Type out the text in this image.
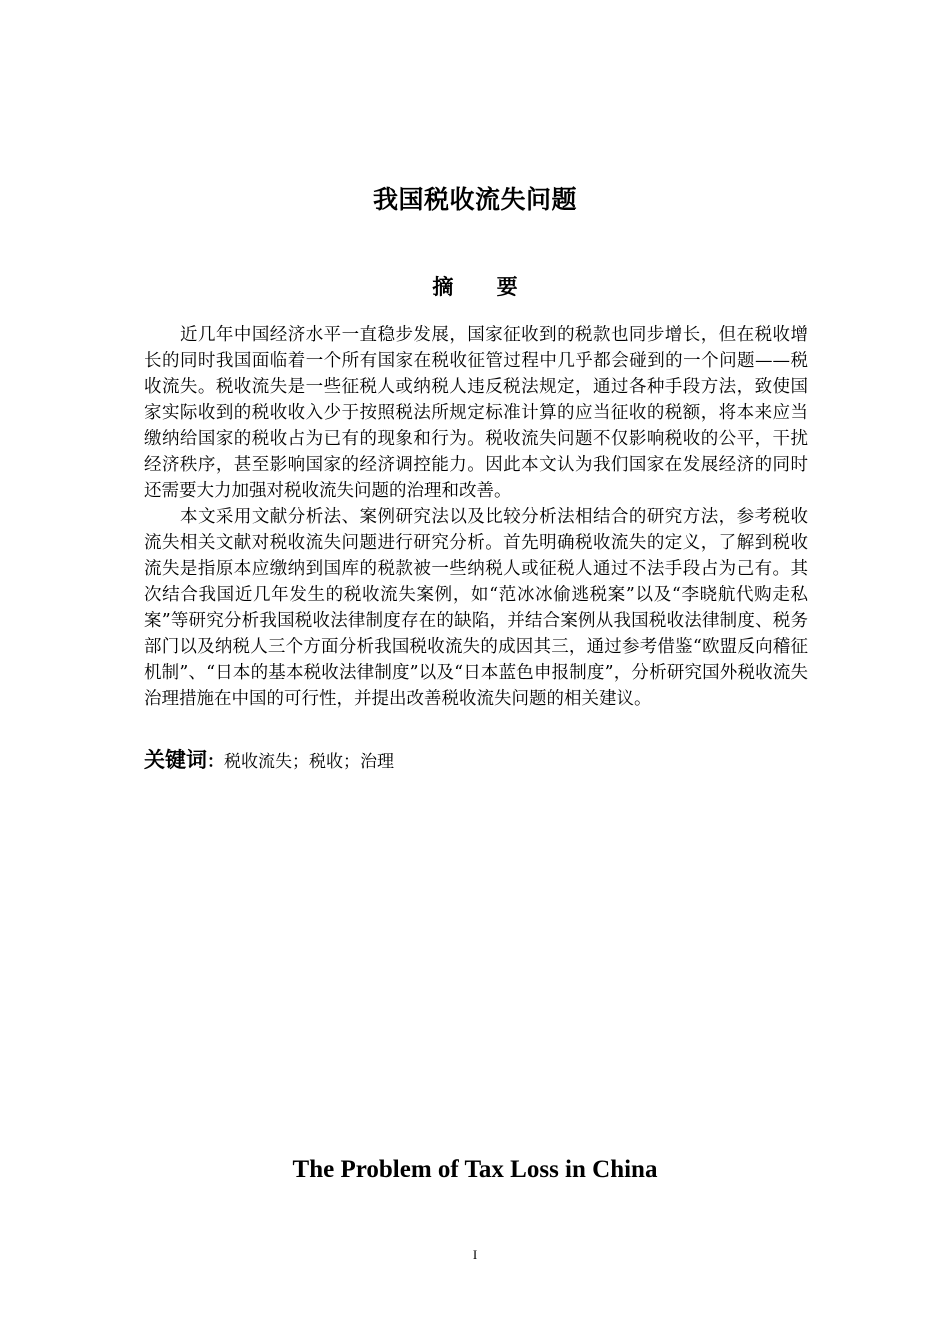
我国税收流失问题
摘 要

近几年中国经济水平一直稳步发展，国家征收到的税款也同步增长，但在税收增长的同时我国面临着一个所有国家在税收征管过程中几乎都会碰到的一个问题——税收流失。税收流失是一些征税人或纳税人违反税法规定，通过各种手段方法，致使国家实际收到的税收收入少于按照税法所规定标准计算的应当征收的税额，将本来应当缴纳给国家的税收占为已有的现象和行为。税收流失问题不仅影响税收的公平，干扰经济秩序，甚至影响国家的经济调控能力。因此本文认为我们国家在发展经济的同时还需要大力加强对税收流失问题的治理和改善。

本文采用文献分析法、案例研究法以及比较分析法相结合的研究方法，参考税收流失相关文献对税收流失问题进行研究分析。首先明确税收流失的定义，了解到税收流失是指原本应缴纳到国库的税款被一些纳税人或征税人通过不法手段占为己有。其次结合我国近几年发生的税收流失案例，如“范冰冰偷逃税案”以及“李晓航代购走私案”等研究分析我国税收法律制度存在的缺陷，并结合案例从我国税收法律制度、税务部门以及纳税人三个方面分析我国税收流失的成因其三，通过参考借鉴“欧盟反向稽征机制”、“日本的基本税收法律制度”以及“日本蓝色申报制度”，分析研究国外税收流失治理措施在中国的可行性，并提出改善税收流失问题的相关建议。

关键词：税收流失；税收；治理
The Problem of Tax Loss in China
I
